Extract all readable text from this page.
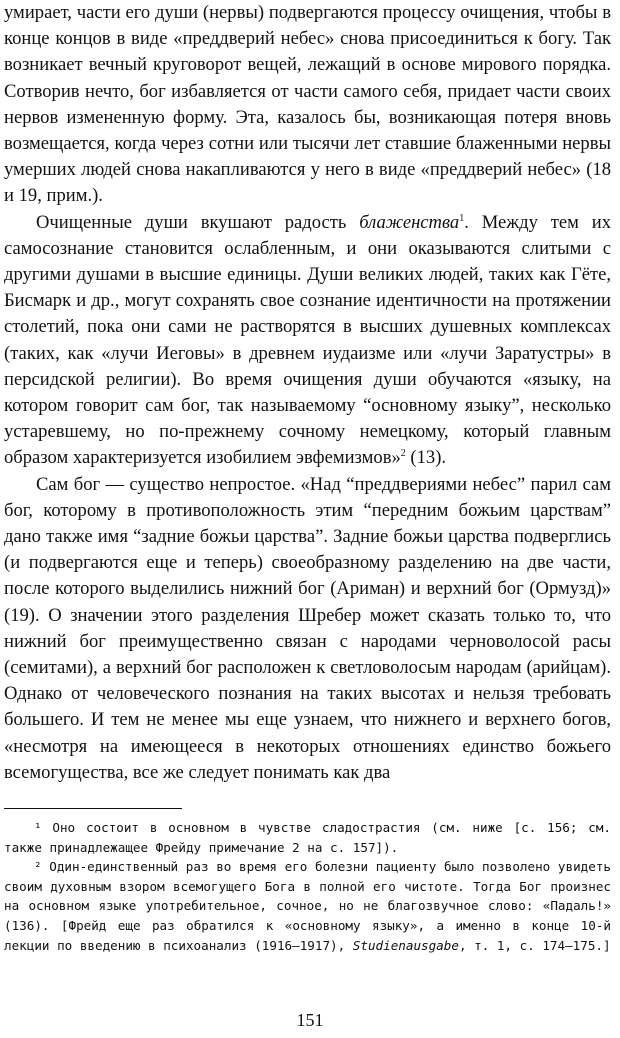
умирает, части его души (нервы) подвергаются процессу очищения, чтобы в конце концов в виде «преддверий небес» снова присоединиться к богу. Так возникает вечный круговорот вещей, лежащий в основе мирового порядка. Сотворив нечто, бог избавляется от части самого себя, придает части своих нервов измененную форму. Эта, казалось бы, возникающая потеря вновь возмещается, когда через сотни или тысячи лет ставшие блаженными нервы умерших людей снова накапливаются у него в виде «преддверий небес» (18 и 19, прим.).

Очищенные души вкушают радость блаженства$^1$. Между тем их самосознание становится ослабленным, и они оказываются слитыми с другими душами в высшие единицы. Души великих людей, таких как Гёте, Бисмарк и др., могут сохранять свое сознание идентичности на протяжении столетий, пока они сами не растворятся в высших душевных комплексах (таких, как «лучи Иеговы» в древнем иудаизме или «лучи Заратустры» в персидской религии). Во время очищения души обучаются «языку, на котором говорит сам бог, так называемому “основному языку”, несколько устаревшему, но по-прежнему сочному немецкому, который главным образом характеризуется изобилием эвфемизмов»$^2$ (13).

Сам бог — существо непростое. «Над “преддвериями небес” парил сам бог, которому в противоположность этим “передним божьим царствам” дано также имя “задние божьи царства”. Задние божьи царства подверглись (и подвергаются еще и теперь) своеобразному разделению на две части, после которого выделились нижний бог (Ариман) и верхний бог (Ормузд)» (19). О значении этого разделения Шребер может сказать только то, что нижний бог преимущественно связан с народами черноволосой расы (семитами), а верхний бог расположен к светловолосым народам (арийцам). Однако от человеческого познания на таких высотах и нельзя требовать большего. И тем не менее мы еще узнаем, что нижнего и верхнего богов, «несмотря на имеющееся в некоторых отношениях единство божьего всемогущества, все же следует понимать как два

¹ Оно состоит в основном в чувстве сладострастия (см. ниже [с. 156; см. также принадлежащее Фрейду примечание 2 на с. 157]).

² Один-единственный раз во время его болезни пациенту было позволено увидеть своим духовным взором всемогущего Бога в полной его чистоте. Тогда Бог произнес на основном языке употребительное, сочное, но не благозвучное слово: «Падаль!» (136). [Фрейд еще раз обратился к «основному языку», а именно в конце 10-й лекции по введению в психоанализ (1916–1917), Studienausgabe, т. 1, с. 174–175.]

151
